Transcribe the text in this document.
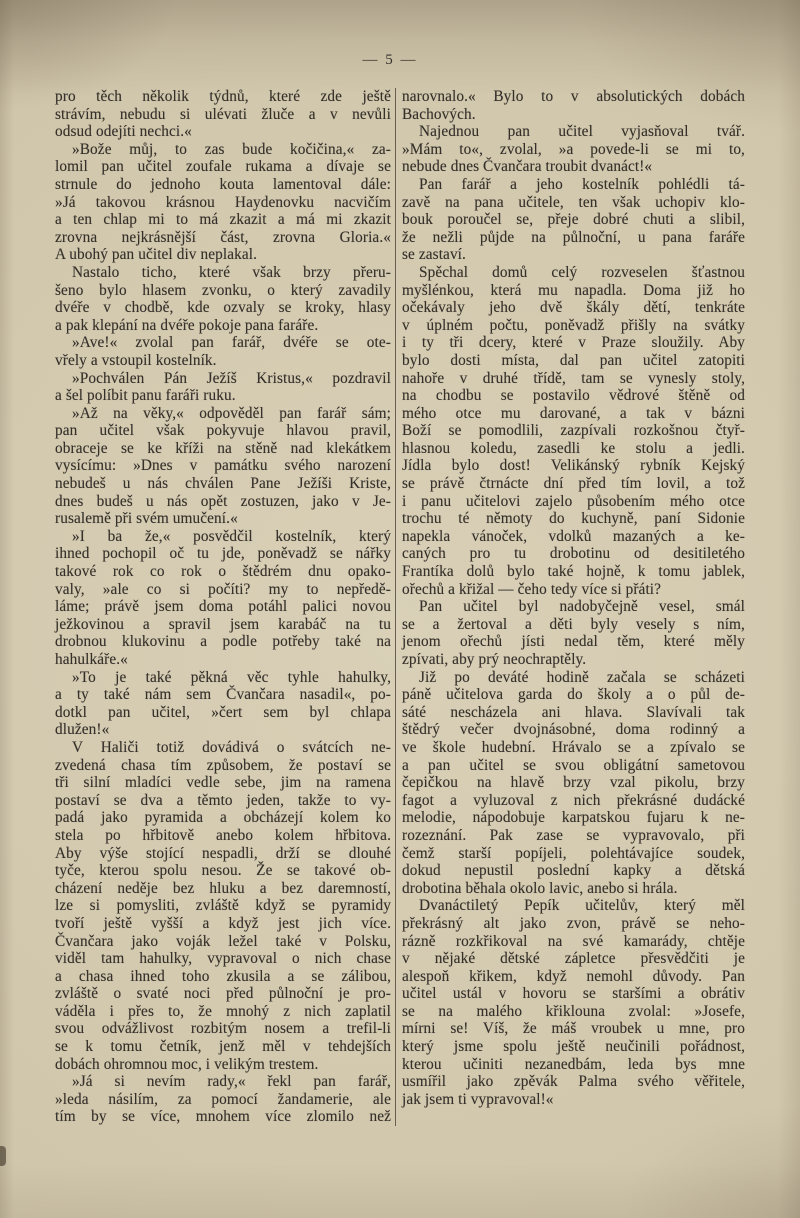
— 5 —
pro těch několik týdnů, které zde ještě
strávím, nebudu si ulévati žluče a v nevůli
odsud odejíti nechci.«
»Bože můj, to zas bude kočičina,« za-
lomil pan učitel zoufale rukama a dívaje se
strnule do jednoho kouta lamentoval dále:
»Já takovou krásnou Haydenovku nacvičím
a ten chlap mi to má zkazit a má mi zkazit
zrovna nejkrásnější část, zrovna Gloria.«
A ubohý pan učitel div neplakal.
Nastalo ticho, které však brzy přeru-
šeno bylo hlasem zvonku, o který zavadily
dvéře v chodbě, kde ozvaly se kroky, hlasy
a pak klepání na dvéře pokoje pana faráře.
»Ave!« zvolal pan farář, dvéře se ote-
vřely a vstoupil kostelník.
»Pochválen Pán Ježíš Kristus,« pozdravil
a šel políbit panu faráři ruku.
»Až na věky,« odpověděl pan farář sám;
pan učitel však pokyvuje hlavou pravil,
obraceje se ke kříži na stěně nad klekátkem
vysícímu: »Dnes v památku svého narození
nebudeš u nás chválen Pane Ježíši Kriste,
dnes budeš u nás opět zostuzen, jako v Je-
rusalemě při svém umučení.«
»I ba že,« posvědčil kostelník, který
ihned pochopil oč tu jde, poněvadž se nářky
takové rok co rok o štědrém dnu opako-
valy, »ale co si počíti? my to nepředě-
láme; právě jsem doma potáhl palici novou
ježkovinou a spravil jsem karabáč na tu
drobnou klukovinu a podle potřeby také na
hahulkáře.«
»To je také pěkná věc tyhle hahulky,
a ty také nám sem Čvančara nasadil«, po-
dotkl pan učitel, »čert sem byl chlapa
dlužen!«
V Haliči totiž dovádivá o svátcích ne-
zvedená chasa tím způsobem, že postaví se
tři silní mladíci vedle sebe, jim na ramena
postaví se dva a těmto jeden, takže to vy-
padá jako pyramida a obcházejí kolem ko
stela po hřbitově anebo kolem hřbitova.
Aby výše stojící nespadli, drží se dlouhé
tyče, kterou spolu nesou. Že se takové ob-
cházení neděje bez hluku a bez daremností,
lze si pomysliti, zvláště když se pyramidy
tvoří ještě vyšší a když jest jich více.
Čvančara jako voják ležel také v Polsku,
viděl tam hahulky, vypravoval o nich chase
a chasa ihned toho zkusila a se zálibou,
zvláště o svaté noci před půlnoční je pro-
váděla i přes to, že mnohý z nich zaplatil
svou odvážlivost rozbitým nosem a trefil-li
se k tomu četník, jenž měl v tehdejších
dobách ohromnou moc, i velikým trestem.
»Já si nevím rady,« řekl pan farář,
»leda násilím, za pomocí žandamerie, ale
tím by se více, mnohem více zlomilo než
narovnalo.« Bylo to v absolutických dobách
Bachových.
Najednou pan učitel vyjasňoval tvář.
»Mám to«, zvolal, »a povede-li se mi to,
nebude dnes Čvančara troubit dvanáct!«
Pan farář a jeho kostelník pohlédli tá-
zavě na pana učitele, ten však uchopiv klo-
bouk poroučel se, přeje dobré chuti a slibil,
že nežli půjde na půlnoční, u pana faráře
se zastaví.
Spěchal domů celý rozveselen šťastnou
myšlénkou, která mu napadla. Doma již ho
očekávaly jeho dvě škály dětí, tenkráte
v úplném počtu, poněvadž přišly na svátky
i ty tři dcery, které v Praze sloužily. Aby
bylo dosti místa, dal pan učitel zatopiti
nahoře v druhé třídě, tam se vynesly stoly,
na chodbu se postavilo vědrové štěně od
mého otce mu darované, a tak v bázni
Boží se pomodlili, zazpívali rozkošnou čtyř-
hlasnou koledu, zasedli ke stolu a jedli.
Jídla bylo dost! Velikánský rybník Kejský
se právě čtrnácte dní před tím lovil, a tož
i panu učitelovi zajelo působením mého otce
trochu té němoty do kuchyně, paní Sidonie
napekla vánoček, vdolků mazaných a ke-
caných pro tu drobotinu od desitiletého
Frantíka dolů bylo také hojně, k tomu jablek,
ořechů a křižal — čeho tedy více si přáti?
Pan učitel byl nadobyčejně vesel, smál
se a žertoval a děti byly vesely s ním,
jenom ořechů jísti nedal těm, které měly
zpívati, aby prý neochraptěly.
Již po deváté hodině začala se scházeti
páně učitelova garda do školy a o půl de-
sáté nescházela ani hlava. Slavívali tak
štědrý večer dvojnásobné, doma rodinný a
ve škole hudební. Hrávalo se a zpívalo se
a pan učitel se svou obligátní sametovou
čepičkou na hlavě brzy vzal pikolu, brzy
fagot a vyluzoval z nich překrásné dudácké
melodie, nápodobuje karpatskou fujaru k ne-
rozeznání. Pak zase se vypravovalo, při
čemž starší popíjeli, polehtávajíce soudek,
dokud nepustil poslední kapky a dětská
drobotina běhala okolo lavic, anebo si hrála.
Dvanáctiletý Pepík učitelův, který měl
překrásný alt jako zvon, právě se neho-
rázně rozkřikoval na své kamarády, chtěje
v nějaké dětské zápletce přesvědčiti je
alespoň křikem, když nemohl důvody. Pan
učitel ustál v hovoru se staršími a obrátiv
se na malého křiklouna zvolal: »Josefe,
mírni se! Víš, že máš vroubek u mne, pro
který jsme spolu ještě neučinili pořádnost,
kterou učiniti nezanedbám, leda bys mne
usmířil jako zpěvák Palma svého věřitele,
jak jsem ti vypravoval!«
